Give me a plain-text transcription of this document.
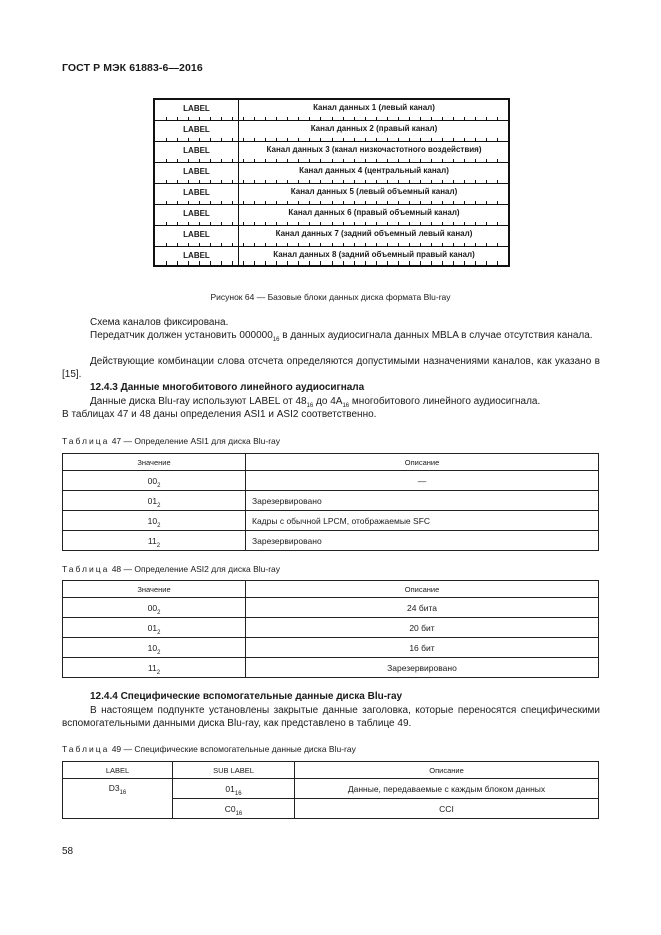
ГОСТ Р МЭК 61883-6—2016
LABEL	Канал данных 1 (левый канал)
LABEL	Канал данных 2 (правый канал)
LABEL	Канал данных 3 (канал низкочастотного воздействия)
LABEL	Канал данных 4 (центральный канал)
LABEL	Канал данных 5 (левый объемный канал)
LABEL	Канал данных 6 (правый объемный канал)
LABEL	Канал данных 7 (задний объемный левый канал)
LABEL	Канал данных 8 (задний объемный правый канал)
Рисунок 64 — Базовые блоки данных диска формата Blu-ray
Схема каналов фиксирована.
Передатчик должен установить $000000_{16}$ в данных аудиосигнала данных MBLA в случае отсутствия канала.
Действующие комбинации слова отсчета определяются допустимыми назначениями каналов, как указано в [15].
12.4.3 Данные многобитового линейного аудиосигнала
Данные диска Blu-ray используют LABEL от $48_{16}$ до $4A_{16}$ многобитового линейного аудиосигнала.
В таблицах 47 и 48 даны определения ASI1 и ASI2 соответственно.
Таблица 47 — Определение ASI1 для диска Blu-ray
Значение	Описание
$00_2$	—
$01_2$	Зарезервировано
$10_2$	Кадры с обычной LPCM, отображаемые SFC
$11_2$	Зарезервировано
Таблица 48 — Определение ASI2 для диска Blu-ray
Значение	Описание
$00_2$	24 бита
$01_2$	20 бит
$10_2$	16 бит
$11_2$	Зарезервировано
12.4.4 Специфические вспомогательные данные диска Blu-ray
В настоящем подпункте установлены закрытые данные заголовка, которые переносятся специфическими вспомогательными данными диска Blu-ray, как представлено в таблице 49.
Таблица 49 — Специфические вспомогательные данные диска Blu-ray
LABEL	SUB LABEL	Описание
$D3_{16}$	$01_{16}$	Данные, передаваемые с каждым блоком данных
	$C0_{16}$	CCI
58
